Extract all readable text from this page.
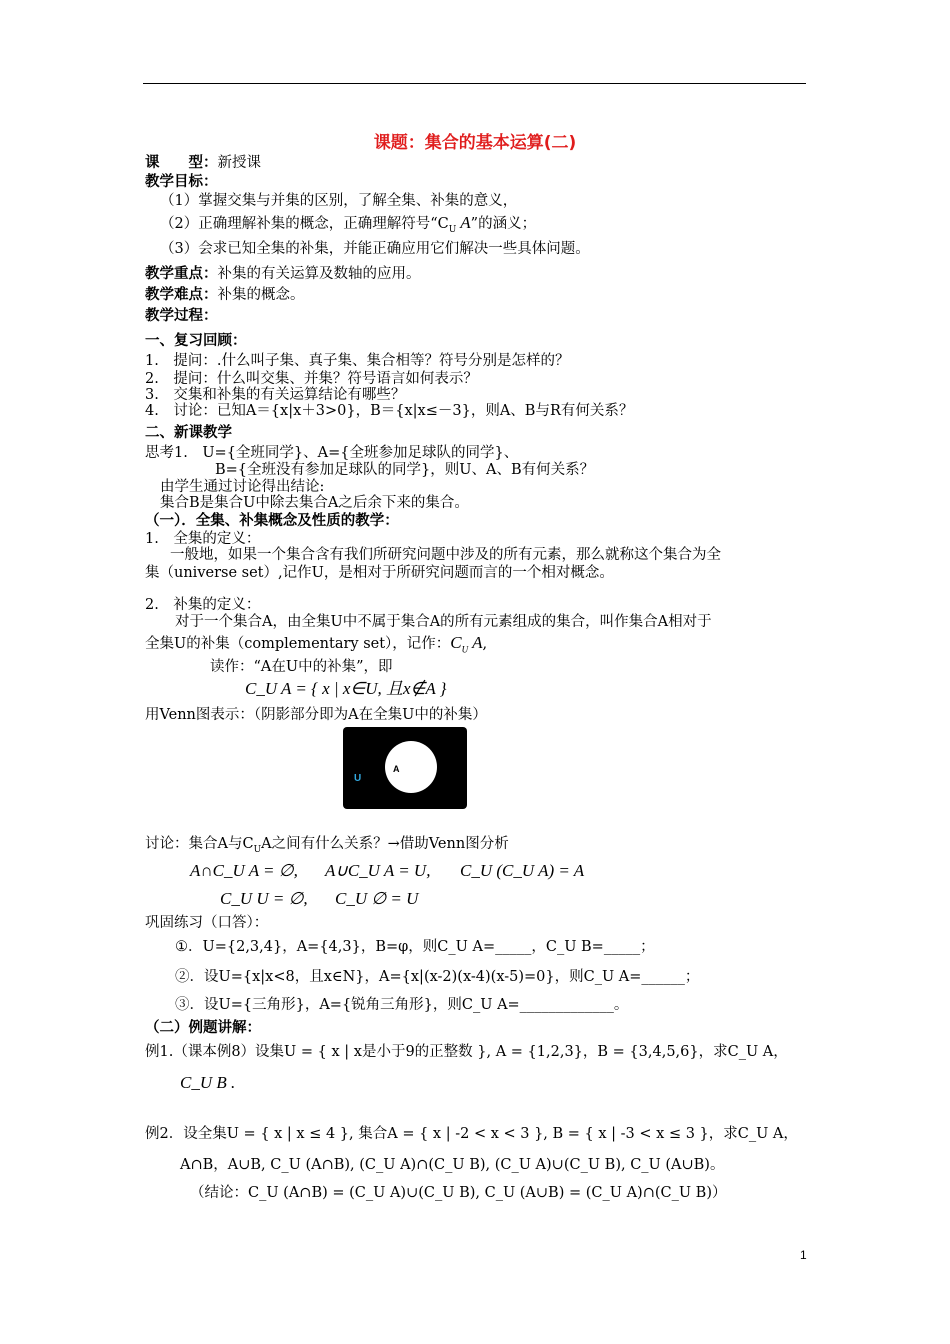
课题：集合的基本运算(二)
课　　型：新授课
教学目标：
（1）掌握交集与并集的区别，了解全集、补集的意义，
（2）正确理解补集的概念，正确理解符号“$C_U$ A”的涵义；
（3）会求已知全集的补集，并能正确应用它们解决一些具体问题。
教学重点：补集的有关运算及数轴的应用。
教学难点：补集的概念。
教学过程：
一、复习回顾：
1.　提问：.什么叫子集、真子集、集合相等？符号分别是怎样的？
2.　提问：什么叫交集、并集？符号语言如何表示？
3.　交集和补集的有关运算结论有哪些？
4.　讨论：已知A＝{x|x＋3>0}，B＝{x|x≤－3}，则A、B与R有何关系？
二、新课教学
思考1.　U={全班同学}、A={全班参加足球队的同学}、
B={全班没有参加足球队的同学}，则U、A、B有何关系？
由学生通过讨论得出结论:
集合B是集合U中除去集合A之后余下来的集合。
（一）．全集、补集概念及性质的教学：
1.　全集的定义：
一般地，如果一个集合含有我们所研究问题中涉及的所有元素，那么就称这个集合为全
集（universe set）,记作U，是相对于所研究问题而言的一个相对概念。
2.　补集的定义：
对于一个集合A，由全集U中不属于集合A的所有元素组成的集合，叫作集合A相对于
全集U的补集（complementary set），记作：$C_U$ A,
读作：“A在U中的补集”，即
C_U A = { x | x∈U, 且x∉A }
用Venn图表示：（阴影部分即为A在全集U中的补集）
U
A
讨论：集合A与$C_UA$之间有什么关系？→借助Venn图分析
A∩C_U A = ∅, A∪C_U A = U, C_U (C_U A) = A
C_U U = ∅, C_U ∅ = U
巩固练习（口答）：
①．U={2,3,4}，A={4,3}，B=φ，则C_U A=_____，C_U B=_____；
②．设U={x|x<8，且x∈N}，A={x|(x-2)(x-4)(x-5)=0}，则C_U A=______；
③．设U={三角形}，A={锐角三角形}，则C_U A=_____________。
（二）例题讲解：
例1.（课本例8）设集U = { x | x是小于9的正整数 }, A = {1,2,3}，B = {3,4,5,6}，求C_U A，
C_U B .
例2．设全集U = { x | x ≤ 4 }, 集合A = { x | -2 < x < 3 }, B = { x | -3 < x ≤ 3 }，求C_U A，
A∩B，A∪B, C_U (A∩B), (C_U A)∩(C_U B), (C_U A)∪(C_U B), C_U (A∪B)。
（结论：C_U (A∩B) = (C_U A)∪(C_U B), C_U (A∪B) = (C_U A)∩(C_U B)）
1
